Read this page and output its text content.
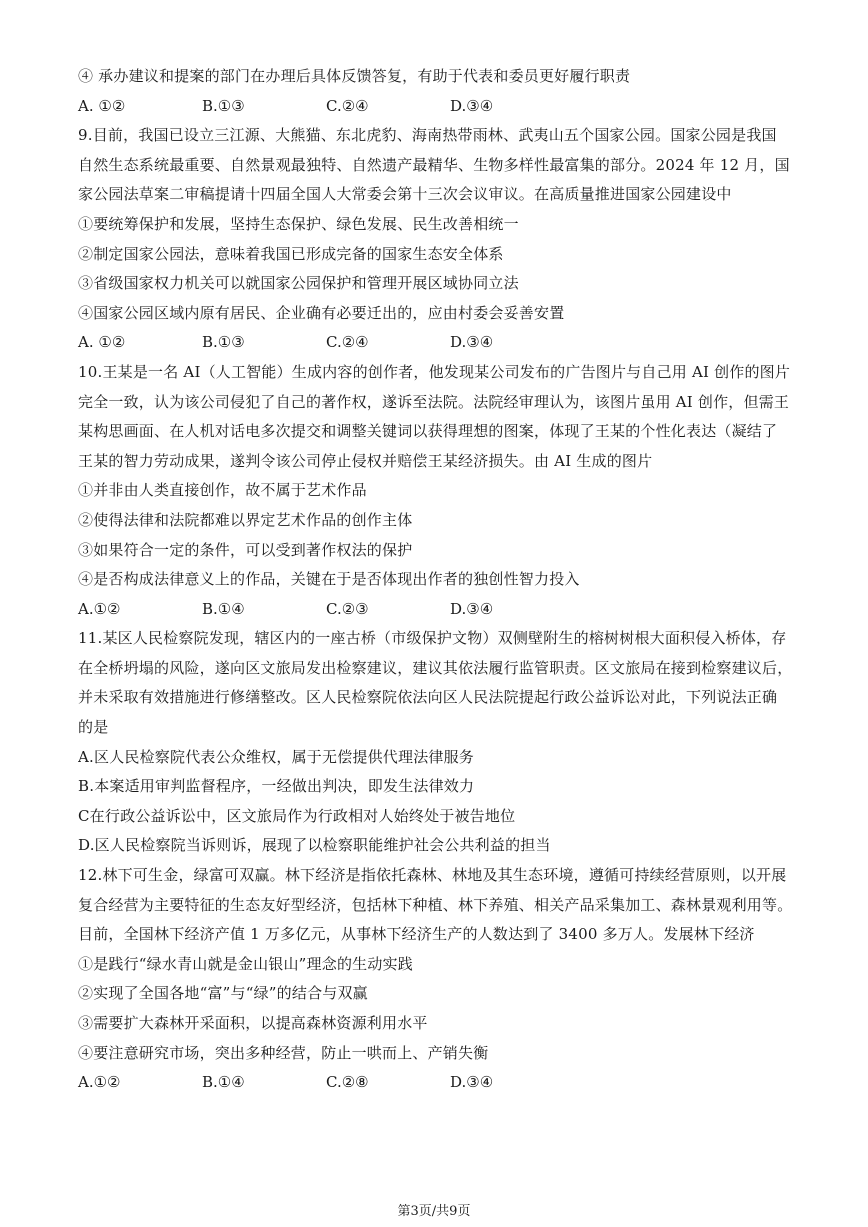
④ 承办建议和提案的部门在办理后具体反馈答复，有助于代表和委员更好履行职责
A. ①②	B.①③	C.②④	D.③④
9.目前，我国已设立三江源、大熊猫、东北虎豹、海南热带雨林、武夷山五个国家公园。国家公园是我国
自然生态系统最重要、自然景观最独特、自然遗产最精华、生物多样性最富集的部分。2024 年 12 月，国
家公园法草案二审稿提请十四届全国人大常委会第十三次会议审议。在高质量推进国家公园建设中
①要统筹保护和发展，坚持生态保护、绿色发展、民生改善相统一
②制定国家公园法，意味着我国已形成完备的国家生态安全体系
③省级国家权力机关可以就国家公园保护和管理开展区域协同立法
④国家公园区域内原有居民、企业确有必要迁出的，应由村委会妥善安置
A. ①②	B.①③	C.②④	D.③④
10.王某是一名 AI（人工智能）生成内容的创作者，他发现某公司发布的广告图片与自己用 AI 创作的图片
完全一致，认为该公司侵犯了自己的著作权，遂诉至法院。法院经审理认为，该图片虽用 AI 创作，但需王
某构思画面、在人机对话电多次提交和调整关键词以获得理想的图案，体现了王某的个性化表达（凝结了
王某的智力劳动成果，遂判令该公司停止侵权并赔偿王某经济损失。由 AI 生成的图片
①并非由人类直接创作，故不属于艺术作品
②使得法律和法院都难以界定艺术作品的创作主体
③如果符合一定的条件，可以受到著作权法的保护
④是否构成法律意义上的作品，关键在于是否体现出作者的独创性智力投入
A.①②	B.①④	C.②③	D.③④
11.某区人民检察院发现，辖区内的一座古桥（市级保护文物）双侧壁附生的榕树树根大面积侵入桥体，存
在全桥坍塌的风险，遂向区文旅局发出检察建议，建议其依法履行监管职责。区文旅局在接到检察建议后，
并未采取有效措施进行修缮整改。区人民检察院依法向区人民法院提起行政公益诉讼对此，下列说法正确
的是
A.区人民检察院代表公众维权，属于无偿提供代理法律服务
B.本案适用审判监督程序，一经做出判决，即发生法律效力
C在行政公益诉讼中，区文旅局作为行政相对人始终处于被告地位
D.区人民检察院当诉则诉，展现了以检察职能维护社会公共利益的担当
12.林下可生金，绿富可双赢。林下经济是指依托森林、林地及其生态环境，遵循可持续经营原则，以开展
复合经营为主要特征的生态友好型经济，包括林下种植、林下养殖、相关产品采集加工、森林景观利用等。
目前，全国林下经济产值 1 万多亿元，从事林下经济生产的人数达到了 3400 多万人。发展林下经济
①是践行“绿水青山就是金山银山”理念的生动实践
②实现了全国各地“富”与“绿”的结合与双赢
③需要扩大森林开采面积，以提高森林资源利用水平
④要注意研究市场，突出多种经营，防止一哄而上、产销失衡
A.①②	B.①④	C.②⑧	D.③④
第3页/共9页
